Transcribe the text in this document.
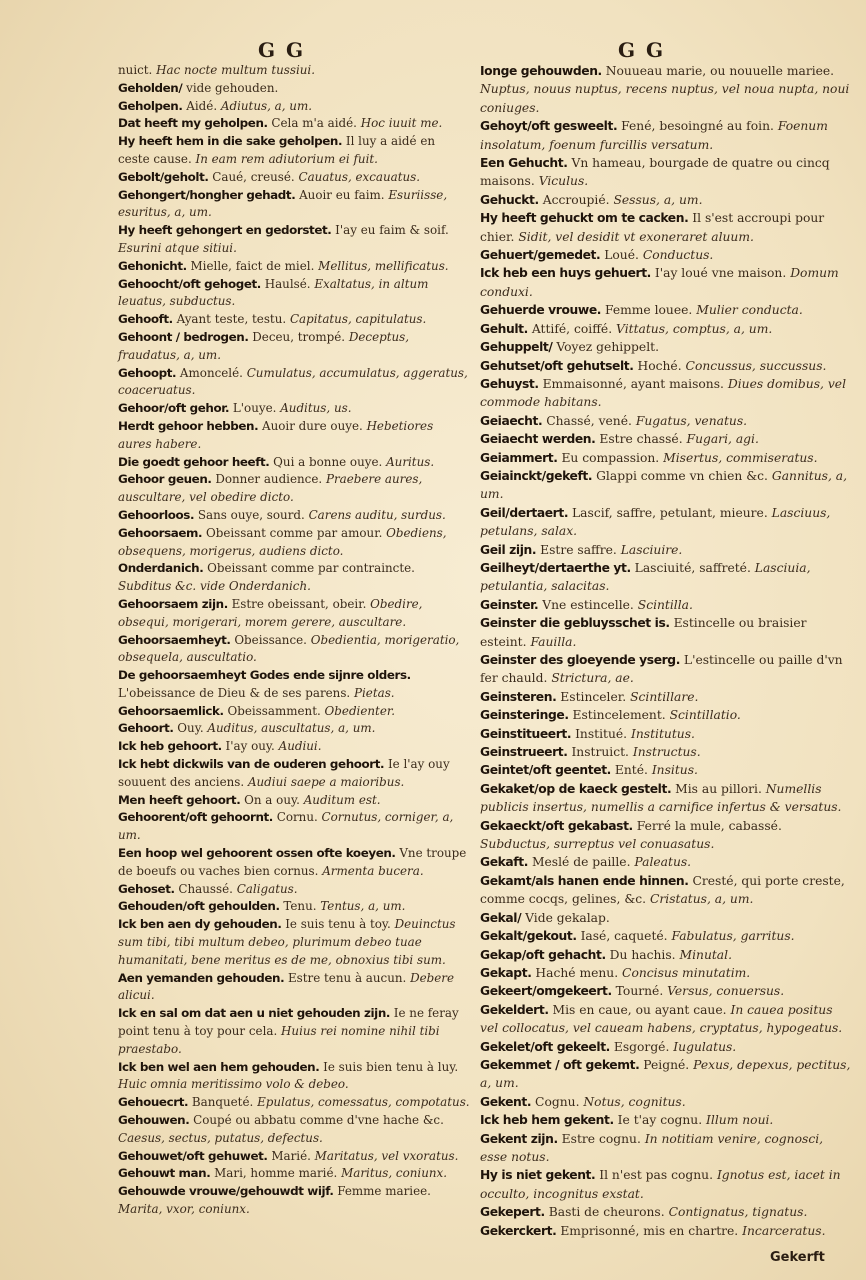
G G	G G

nuict. Hac nocte multum tussiui.

Geholden/ vide gehouden.

Geholpen. Aidé. Adiutus, a, um.

Dat heeft my geholpen. Cela m'a aidé. Hoc iuuit me.

Hy heeft hem in die sake geholpen. Il luy a aidé en ceste cause. In eam rem adiutorium ei fuit.

Gebolt/geholt. Caué, creusé. Cauatus, excauatus.

Gehongert/hongher gehadt. Auoir eu faim. Esuriisse, esuritus, a, um.

Hy heeft gehongert en gedorstet. I'ay eu faim & soif. Esurini atque sitiui.

Gehonicht. Mielle, faict de miel. Mellitus, mellificatus.

Gehoocht/oft gehoget. Haulsé. Exaltatus, in altum leuatus, subductus.

Gehooft. Ayant teste, testu. Capitatus, capitulatus.

Gehoont / bedrogen. Deceu, trompé. Deceptus, fraudatus, a, um.

Gehoopt. Amoncelé. Cumulatus, accumulatus, aggeratus, coaceruatus.

Gehoor/oft gehor. L'ouye. Auditus, us.

Herdt gehoor hebben. Auoir dure ouye. Hebetiores aures habere.

Die goedt gehoor heeft. Qui a bonne ouye. Auritus.

Gehoor geuen. Donner audience. Praebere aures, auscultare, vel obedire dicto.

Gehoorloos. Sans ouye, sourd. Carens auditu, surdus.

Gehoorsaem. Obeissant comme par amour. Obediens, obsequens, morigerus, audiens dicto.

Onderdanich. Obeissant comme par contraincte. Subditus &c. vide Onderdanich.

Gehoorsaem zijn. Estre obeissant, obeir. Obedire, obsequi, morigerari, morem gerere, auscultare.

Gehoorsaemheyt. Obeissance. Obedientia, morigeratio, obsequela, auscultatio.

De gehoorsaemheyt Godes ende sijnre olders. L'obeissance de Dieu & de ses parens. Pietas.

Gehoorsaemlick. Obeissamment. Obedienter.

Gehoort. Ouy. Auditus, auscultatus, a, um.

Ick heb gehoort. I'ay ouy. Audiui.

Ick hebt dickwils van de ouderen gehoort. Ie l'ay ouy souuent des anciens. Audiui saepe a maioribus.

Men heeft gehoort. On a ouy. Auditum est.

Gehoorent/oft gehoornt. Cornu. Cornutus, corniger, a, um.

Een hoop wel gehoorent ossen ofte koeyen. Vne troupe de boeufs ou vaches bien cornus. Armenta bucera.

Gehoset. Chaussé. Caligatus.

Gehouden/oft gehoulden. Tenu. Tentus, a, um.

Ick ben aen dy gehouden. Ie suis tenu à toy. Deuinctus sum tibi, tibi multum debeo, plurimum debeo tuae humanitati, bene meritus es de me, obnoxius tibi sum.

Aen yemanden gehouden. Estre tenu à aucun. Debere alicui.

Ick en sal om dat aen u niet gehouden zijn. Ie ne feray point tenu à toy pour cela. Huius rei nomine nihil tibi praestabo.

Ick ben wel aen hem gehouden. Ie suis bien tenu à luy. Huic omnia meritissimo volo & debeo.

Gehouecrt. Banqueté. Epulatus, comessatus, compotatus.

Gehouwen. Coupé ou abbatu comme d'vne hache &c. Caesus, sectus, putatus, defectus.

Gehouwet/oft gehuwet. Marié. Maritatus, vel vxoratus.

Gehouwt man. Mari, homme marié. Maritus, coniunx.

Gehouwde vrouwe/gehouwdt wijf. Femme mariee. Marita, vxor, coniunx.

Ionge gehouwden. Nouueau marie, ou nouuelle mariee. Nuptus, nouus nuptus, recens nuptus, vel noua nupta, noui coniuges.

Gehoyt/oft gesweelt. Fené, besoingné au foin. Foenum insolatum, foenum furcillis versatum.

Een Gehucht. Vn hameau, bourgade de quatre ou cincq maisons. Viculus.

Gehuckt. Accroupié. Sessus, a, um.

Hy heeft gehuckt om te cacken. Il s'est accroupi pour chier. Sidit, vel desidit vt exoneraret aluum.

Gehuert/gemedet. Loué. Conductus.

Ick heb een huys gehuert. I'ay loué vne maison. Domum conduxi.

Gehuerde vrouwe. Femme louee. Mulier conducta.

Gehult. Attifé, coiffé. Vittatus, comptus, a, um.

Gehuppelt/ Voyez gehippelt.

Gehutset/oft gehutselt. Hoché. Concussus, succussus.

Gehuyst. Emmaisonné, ayant maisons. Diues domibus, vel commode habitans.

Geiaecht. Chassé, vené. Fugatus, venatus.

Geiaecht werden. Estre chassé. Fugari, agi.

Geiammert. Eu compassion. Misertus, commiseratus.

Geiainckt/gekeft. Glappi comme vn chien &c. Gannitus, a, um.

Geil/dertaert. Lascif, saffre, petulant, mieure. Lasciuus, petulans, salax.

Geil zijn. Estre saffre. Lasciuire.

Geilheyt/dertaerthe yt. Lasciuité, saffreté. Lasciuia, petulantia, salacitas.

Geinster. Vne estincelle. Scintilla.

Geinster die gebluysschet is. Estincelle ou braisier esteint. Fauilla.

Geinster des gloeyende yserg. L'estincelle ou paille d'vn fer chauld. Strictura, ae.

Geinsteren. Estinceler. Scintillare.

Geinsteringe. Estincelement. Scintillatio.

Geinstitueert. Institué. Institutus.

Geinstrueert. Instruict. Instructus.

Geintet/oft geentet. Enté. Insitus.

Gekaket/op de kaeck gestelt. Mis au pillori. Numellis publicis insertus, numellis a carnifice infertus & versatus.

Gekaeckt/oft gekabast. Ferré la mule, cabassé. Subductus, surreptus vel conuasatus.

Gekaft. Meslé de paille. Paleatus.

Gekamt/als hanen ende hinnen. Cresté, qui porte creste, comme cocqs, gelines, &c. Cristatus, a, um.

Gekal/ Vide gekalap.

Gekalt/gekout. Iasé, caqueté. Fabulatus, garritus.

Gekap/oft gehacht. Du hachis. Minutal.

Gekapt. Haché menu. Concisus minutatim.

Gekeert/omgekeert. Tourné. Versus, conuersus.

Gekeldert. Mis en caue, ou ayant caue. In cauea positus vel collocatus, vel caueam habens, cryptatus, hypogeatus.

Gekelet/oft gekeelt. Esgorgé. Iugulatus.

Gekemmet / oft gekemt. Peigné. Pexus, depexus, pectitus, a, um.

Gekent. Cognu. Notus, cognitus.

Ick heb hem gekent. Ie t'ay cognu. Illum noui.

Gekent zijn. Estre cognu. In notitiam venire, cognosci, esse notus.

Hy is niet gekent. Il n'est pas cognu. Ignotus est, iacet in occulto, incognitus exstat.

Gekepert. Basti de cheurons. Contignatus, tignatus.

Gekerckert. Emprisonné, mis en chartre. Incarceratus.

Gekerft
